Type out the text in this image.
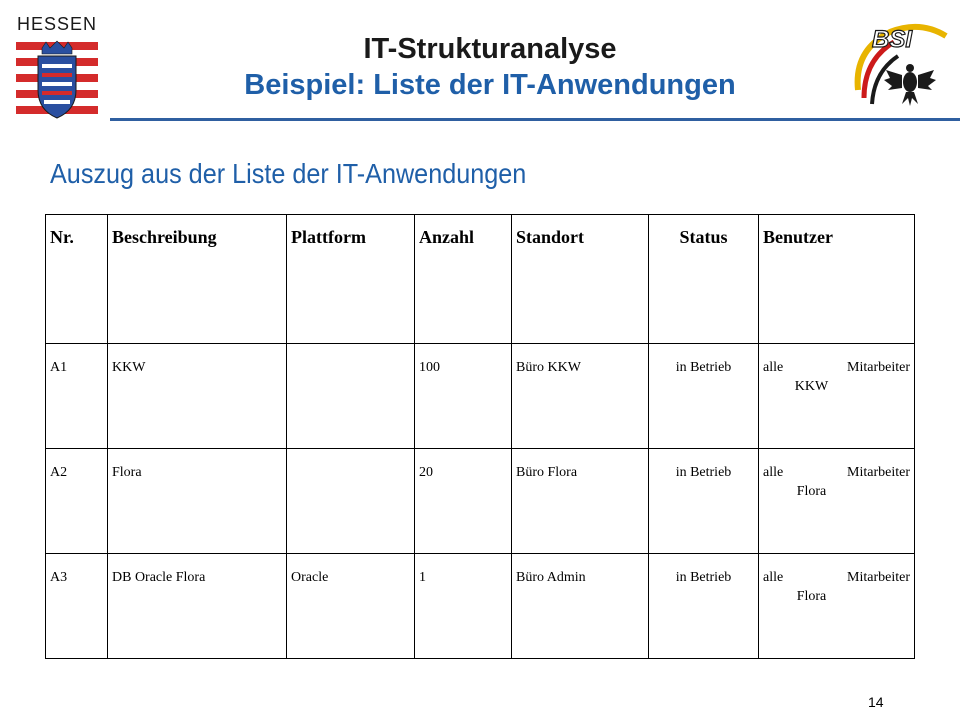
HESSEN
BSI
IT-Strukturanalyse
Beispiel: Liste der IT-Anwendungen
Auszug aus der Liste der IT-Anwendungen
Nr.	Beschreibung	Plattform	Anzahl	Standort	Status	Benutzer
A1	KKW		100	Büro KKW	in Betrieb	alle Mitarbeiter
KKW

A2	Flora		20	Büro Flora	in Betrieb	alle Mitarbeiter
Flora

A3	DB Oracle Flora	Oracle	1	Büro Admin	in Betrieb	alle Mitarbeiter
Flora
14
